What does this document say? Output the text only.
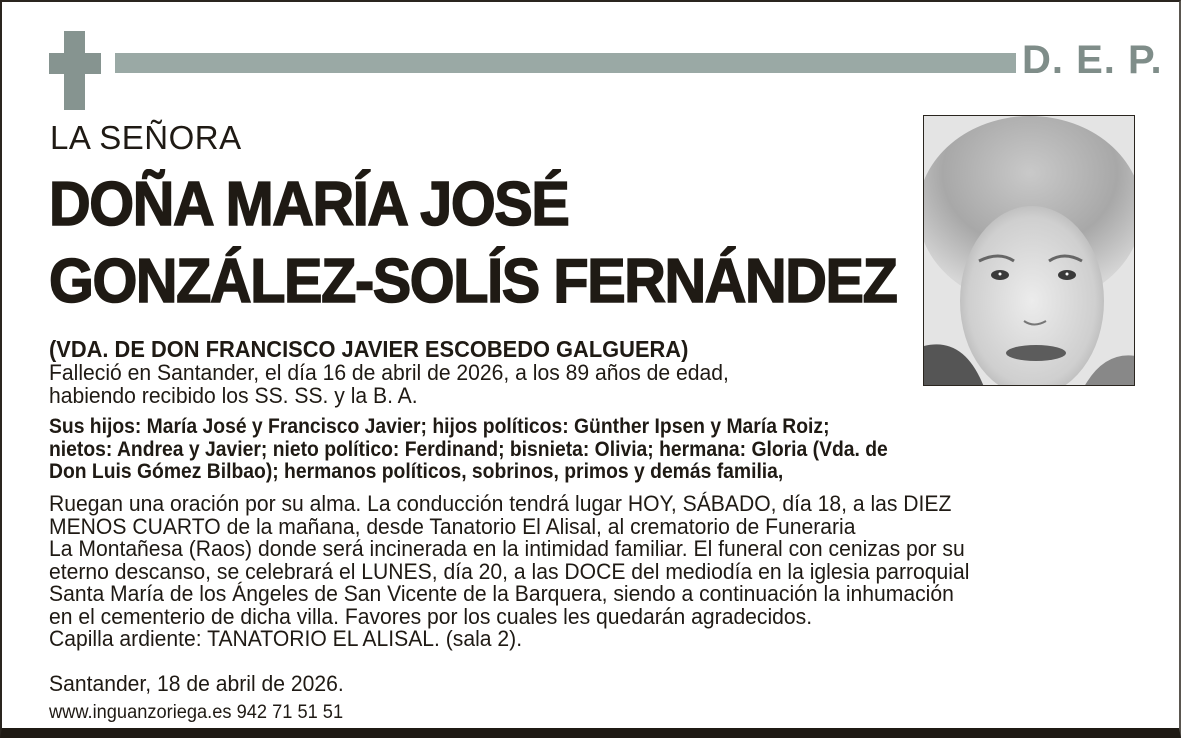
D. E. P.
LA SEÑORA
DOÑA MARÍA JOSÉ
GONZÁLEZ-SOLÍS FERNÁNDEZ
(VDA. DE DON FRANCISCO JAVIER ESCOBEDO GALGUERA)
Falleció en Santander, el día 16 de abril de 2026, a los 89 años de edad,
habiendo recibido los SS. SS. y la B. A.
Sus hijos: María José y Francisco Javier; hijos políticos: Günther Ipsen y María Roiz;
nietos: Andrea y Javier; nieto político: Ferdinand; bisnieta: Olivia; hermana: Gloria (Vda. de
Don Luis Gómez Bilbao); hermanos políticos, sobrinos, primos y demás familia,
Ruegan una oración por su alma. La conducción tendrá lugar HOY, SÁBADO, día 18, a las DIEZ
MENOS CUARTO de la mañana, desde Tanatorio El Alisal, al crematorio de Funeraria
La Montañesa (Raos) donde será incinerada en la intimidad familiar. El funeral con cenizas por su
eterno descanso, se celebrará el LUNES, día 20, a las DOCE del mediodía en la iglesia parroquial
Santa María de los Ángeles de San Vicente de la Barquera, siendo a continuación la inhumación
en el cementerio de dicha villa. Favores por los cuales les quedarán agradecidos.
Capilla ardiente: TANATORIO EL ALISAL. (sala 2).
Santander, 18 de abril de 2026.
www.inguanzoriega.es 942 71 51 51
